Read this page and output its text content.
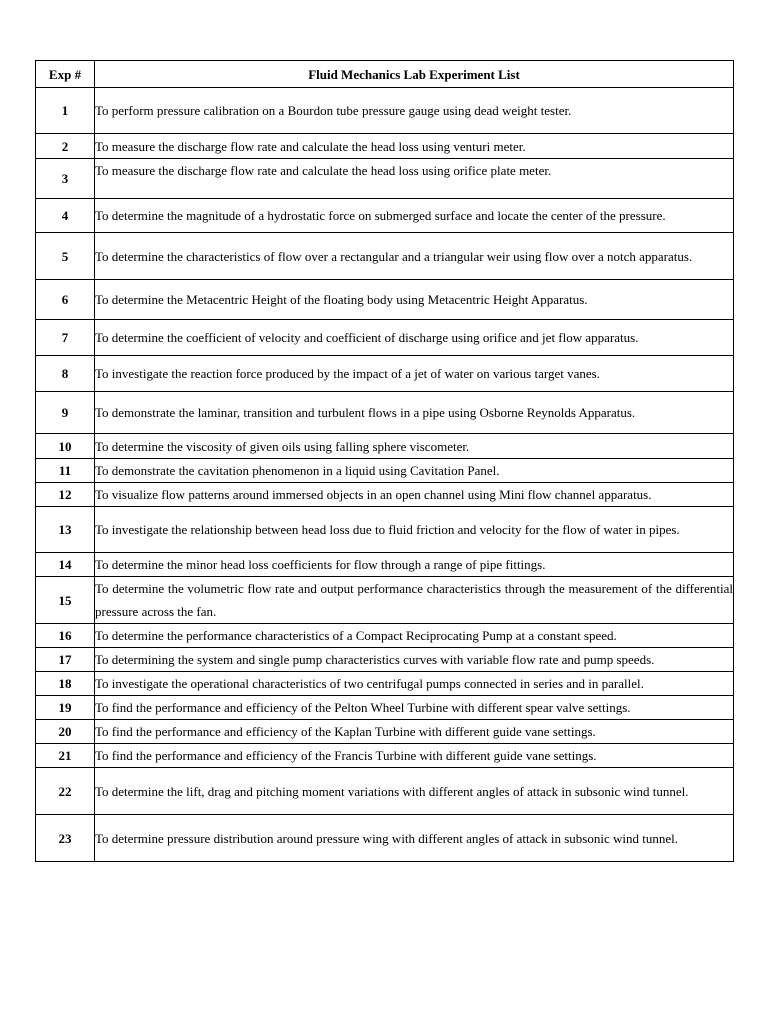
Exp #	Fluid Mechanics Lab Experiment List
1	To perform pressure calibration on a Bourdon tube pressure gauge using dead weight tester.
2	To measure the discharge flow rate and calculate the head loss using venturi meter.
3	To measure the discharge flow rate and calculate the head loss using orifice plate meter.
4	To determine the magnitude of a hydrostatic force on submerged surface and locate the center of the pressure.
5	To determine the characteristics of flow over a rectangular and a triangular weir using flow over a notch apparatus.
6	To determine the Metacentric Height of the floating body using Metacentric Height Apparatus.
7	To determine the coefficient of velocity and coefficient of discharge using orifice and jet flow apparatus.
8	To investigate the reaction force produced by the impact of a jet of water on various target vanes.
9	To demonstrate the laminar, transition and turbulent flows in a pipe using Osborne Reynolds Apparatus.
10	To determine the viscosity of given oils using falling sphere viscometer.
11	To demonstrate the cavitation phenomenon in a liquid using Cavitation Panel.
12	To visualize flow patterns around immersed objects in an open channel using Mini flow channel apparatus.
13	To investigate the relationship between head loss due to fluid friction and velocity for the flow of water in pipes.
14	To determine the minor head loss coefficients for flow through a range of pipe fittings.
15	To determine the volumetric flow rate and output performance characteristics through the measurement of the differential pressure across the fan.
16	To determine the performance characteristics of a Compact Reciprocating Pump at a constant speed.
17	To determining the system and single pump characteristics curves with variable flow rate and pump speeds.
18	To investigate the operational characteristics of two centrifugal pumps connected in series and in parallel.
19	To find the performance and efficiency of the Pelton Wheel Turbine with different spear valve settings.
20	To find the performance and efficiency of the Kaplan Turbine with different guide vane settings.
21	To find the performance and efficiency of the Francis Turbine with different guide vane settings.
22	To determine the lift, drag and pitching moment variations with different angles of attack in subsonic wind tunnel.
23	To determine pressure distribution around pressure wing with different angles of attack in subsonic wind tunnel.
